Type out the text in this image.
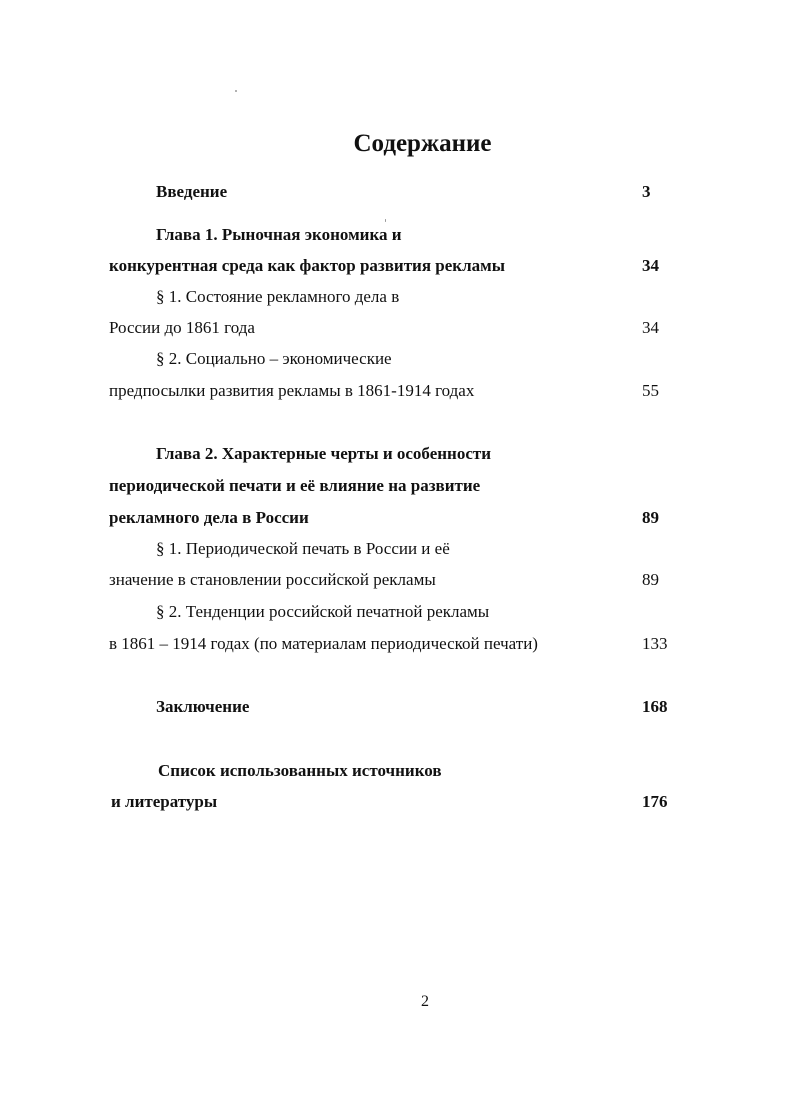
Содержание
Введение	3
Глава 1. Рыночная экономика и
конкурентная среда как фактор развития рекламы	34
§ 1. Состояние рекламного дела в
России до 1861 года	34
§ 2. Социально – экономические
предпосылки развития рекламы в 1861-1914 годах	55
Глава 2. Характерные черты и особенности
периодической печати и её влияние на развитие
рекламного дела в России	89
§ 1. Периодической печать в России и её
значение в становлении российской рекламы	89
§ 2. Тенденции российской печатной рекламы
в 1861 – 1914 годах (по материалам периодической печати)	133
Заключение	168
Список использованных источников
и литературы	176
2
